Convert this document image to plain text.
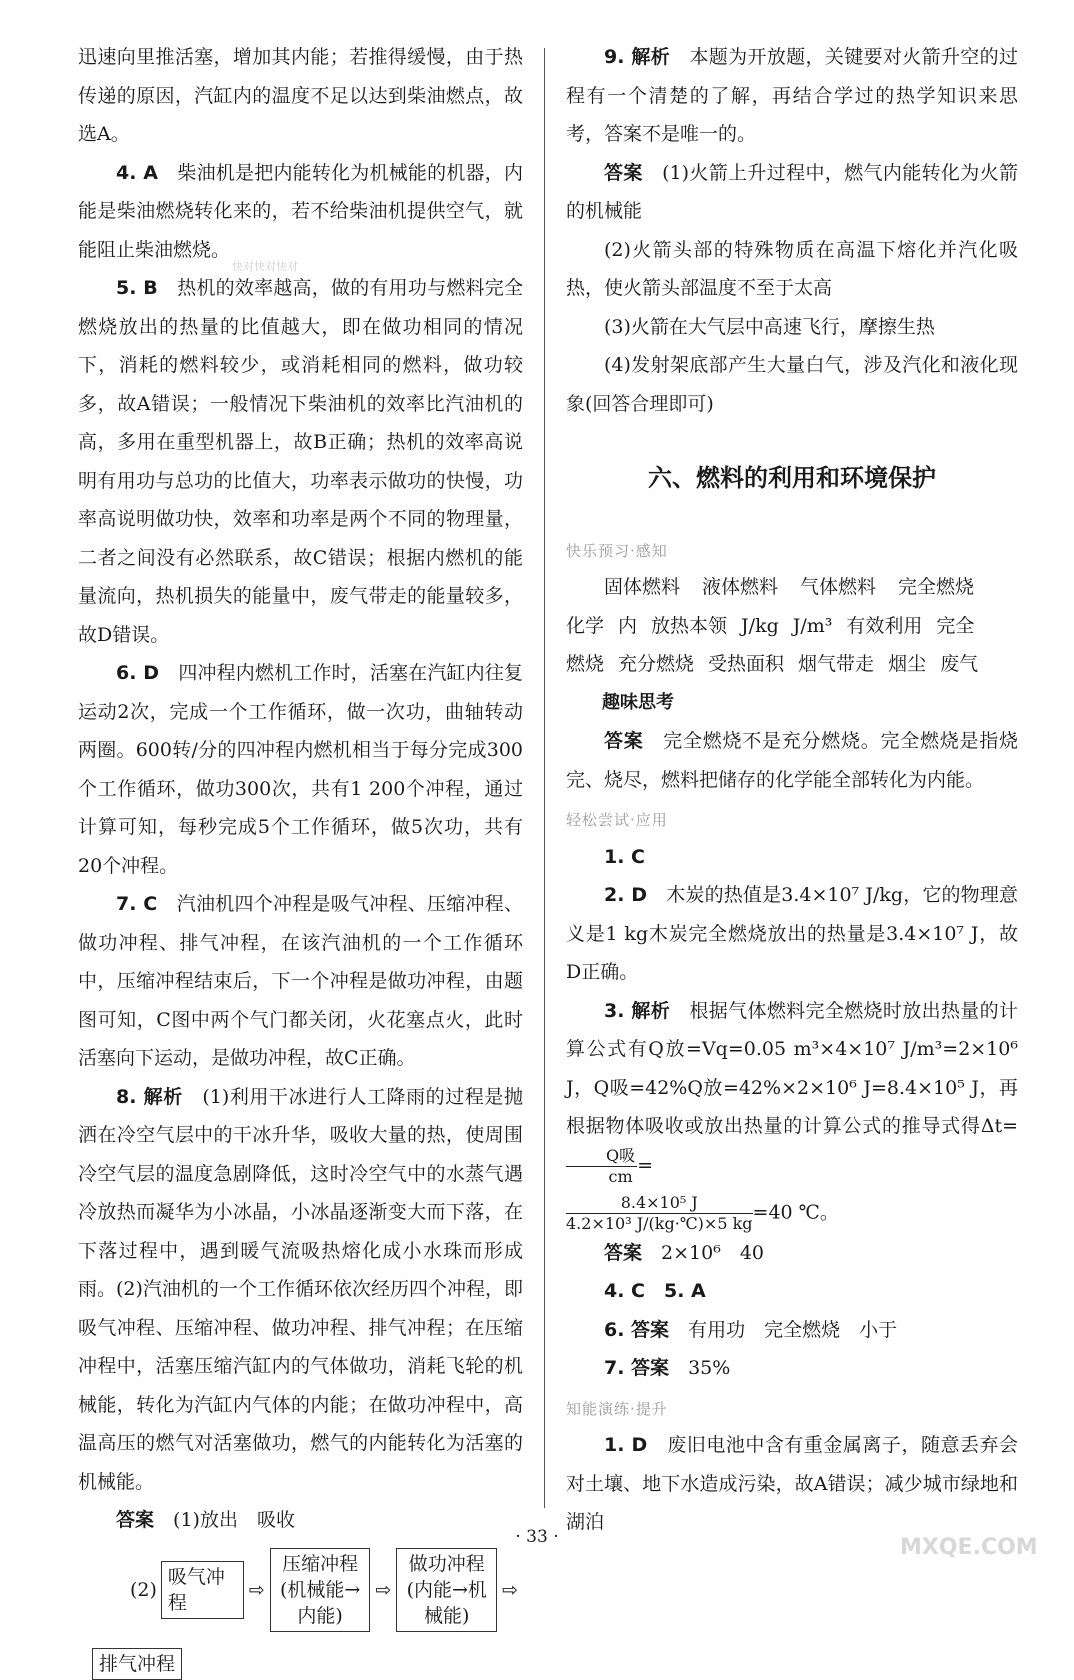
迅速向里推活塞，增加其内能；若推得缓慢，由于热传递的原因，汽缸内的温度不足以达到柴油燃点，故选A。

4. A　 柴油机是把内能转化为机械能的机器，内能是柴油燃烧转化来的，若不给柴油机提供空气，就能阻止柴油燃烧。

5. B　 热机的效率越高，做的有用功与燃料完全燃烧放出的热量的比值越大，即在做功相同的情况下，消耗的燃料较少，或消耗相同的燃料，做功较多，故A错误；一般情况下柴油机的效率比汽油机的高，多用在重型机器上，故B正确；热机的效率高说明有用功与总功的比值大，功率表示做功的快慢，功率高说明做功快，效率和功率是两个不同的物理量，二者之间没有必然联系，故C错误；根据内燃机的能量流向，热机损失的能量中，废气带走的能量较多，故D错误。

6. D　 四冲程内燃机工作时，活塞在汽缸内往复运动2次，完成一个工作循环，做一次功，曲轴转动两圈。600转/分的四冲程内燃机相当于每分完成300个工作循环，做功300次，共有1 200个冲程，通过计算可知，每秒完成5个工作循环，做5次功，共有20个冲程。

7. C　 汽油机四个冲程是吸气冲程、压缩冲程、做功冲程、排气冲程，在该汽油机的一个工作循环中，压缩冲程结束后，下一个冲程是做功冲程，由题图可知，C图中两个气门都关闭，火花塞点火，此时活塞向下运动，是做功冲程，故C正确。

8. 解析　 (1)利用干冰进行人工降雨的过程是抛洒在冷空气层中的干冰升华，吸收大量的热，使周围冷空气层的温度急剧降低，这时冷空气中的水蒸气遇冷放热而凝华为小冰晶，小冰晶逐渐变大而下落，在下落过程中，遇到暖气流吸热熔化成小水珠而形成雨。(2)汽油机的一个工作循环依次经历四个冲程，即吸气冲程、压缩冲程、做功冲程、排气冲程；在压缩冲程中，活塞压缩汽缸内的气体做功，消耗飞轮的机械能，转化为汽缸内气体的内能；在做功冲程中，高温高压的燃气对活塞做功，燃气的内能转化为活塞的机械能。

答案　 (1)放出　吸收

(2)
吸气冲程
⇨
压缩冲程(机械能→内能)
⇨
做功冲程(内能→机械能)
⇨
排气冲程

9. 解析　 本题为开放题，关键要对火箭升空的过程有一个清楚的了解，再结合学过的热学知识来思考，答案不是唯一的。

答案　 (1)火箭上升过程中，燃气内能转化为火箭的机械能

(2)火箭头部的特殊物质在高温下熔化并汽化吸热，使火箭头部温度不至于太高

(3)火箭在大气层中高速飞行，摩擦生热

(4)发射架底部产生大量白气，涉及汽化和液化现象(回答合理即可)

六、燃料的利用和环境保护
快乐预习·感知
固体燃料 液体燃料 气体燃料 完全燃烧
化学 内 放热本领 J/kg J/m³ 有效利用 完全
燃烧 充分燃烧 受热面积 烟气带走 烟尘 废气
趣味思考

答案　 完全燃烧不是充分燃烧。完全燃烧是指烧完、烧尽，燃料把储存的化学能全部转化为内能。

轻松尝试·应用

1. C

2. D　 木炭的热值是3.4×10⁷ J/kg，它的物理意义是1 kg木炭完全燃烧放出的热量是3.4×10⁷ J，故D正确。

3. 解析　 根据气体燃料完全燃烧时放出热量的计算公式有Q放=Vq=0.05 m³×4×10⁷ J/m³=2×10⁶ J，Q吸=42%Q放=42%×2×10⁶ J=8.4×10⁵ J，再根据物体吸收或放出热量的计算公式的推导式得Δt=
$\frac{\text{Q吸}}{cm}$ =

$\frac{\text{8.4×10⁵ J}}{\text{4.2×10³ J/(kg·℃)×5 kg}} =40$ ℃。

答案　 2×10⁶　40

4. C　5. A

6. 答案　 有用功　完全燃烧　小于

7. 答案　 35%

知能演练·提升

1. D　 废旧电池中含有重金属离子，随意丢弃会对土壤、地下水造成污染，故A错误；减少城市绿地和湖泊

快对快对快对
MXQE.COM
· 33 ·
